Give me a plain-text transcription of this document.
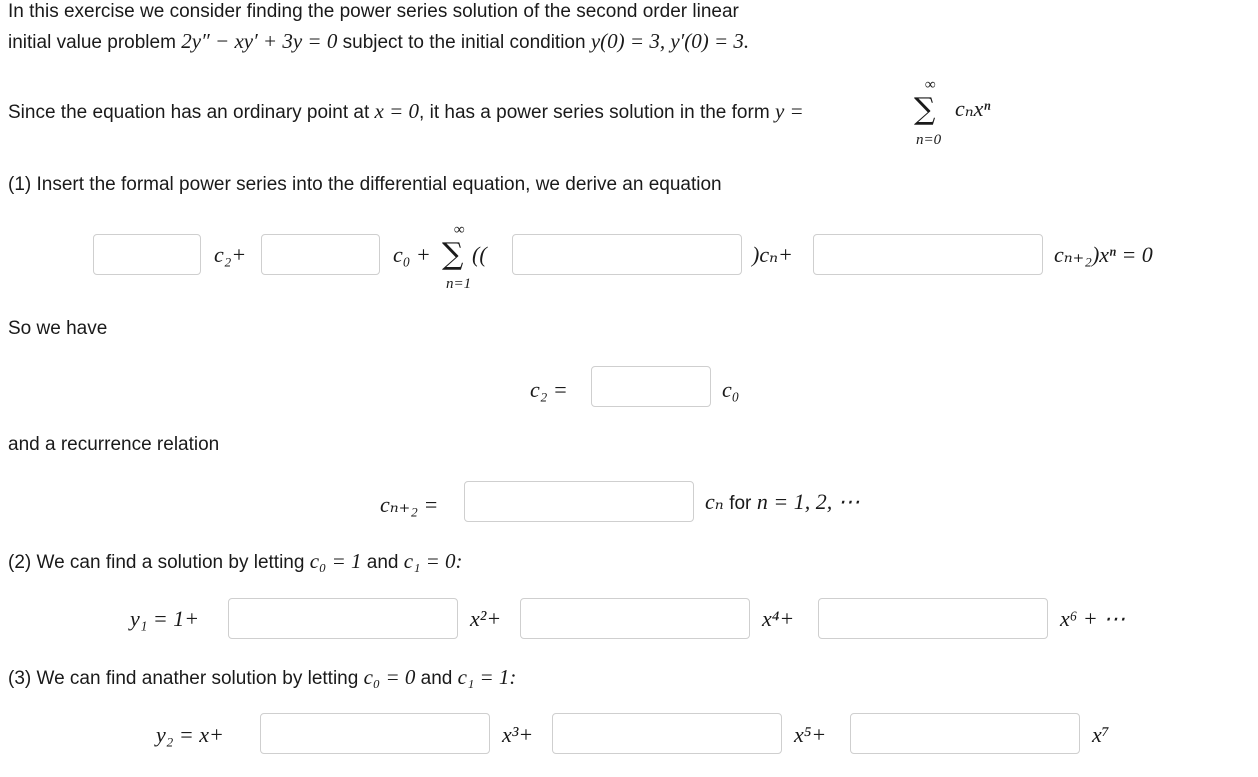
In this exercise we consider finding the power series solution of the second order linear
initial value problem 2y″ − xy′ + 3y = 0 subject to the initial condition y(0) = 3, y′(0) = 3.
Since the equation has an ordinary point at x = 0, it has a power series solution in the form y =
∞
∑
n=0
cₙxⁿ
(1) Insert the formal power series into the differential equation, we derive an equation
c₂+	c₀ +
∞
∑
n=1
((	)cₙ+	cₙ₊₂)xⁿ = 0
So we have
c₂ =	c₀
and a recurrence relation
cₙ₊₂ =	cₙ for n = 1, 2, ⋯
(2) We can find a solution by letting c₀ = 1 and c₁ = 0:
y₁ = 1+	x²+	x⁴+	x⁶ + ⋯
(3) We can find anather solution by letting c₀ = 0 and c₁ = 1:
y₂ = x+	x³+	x⁵+	x⁷
